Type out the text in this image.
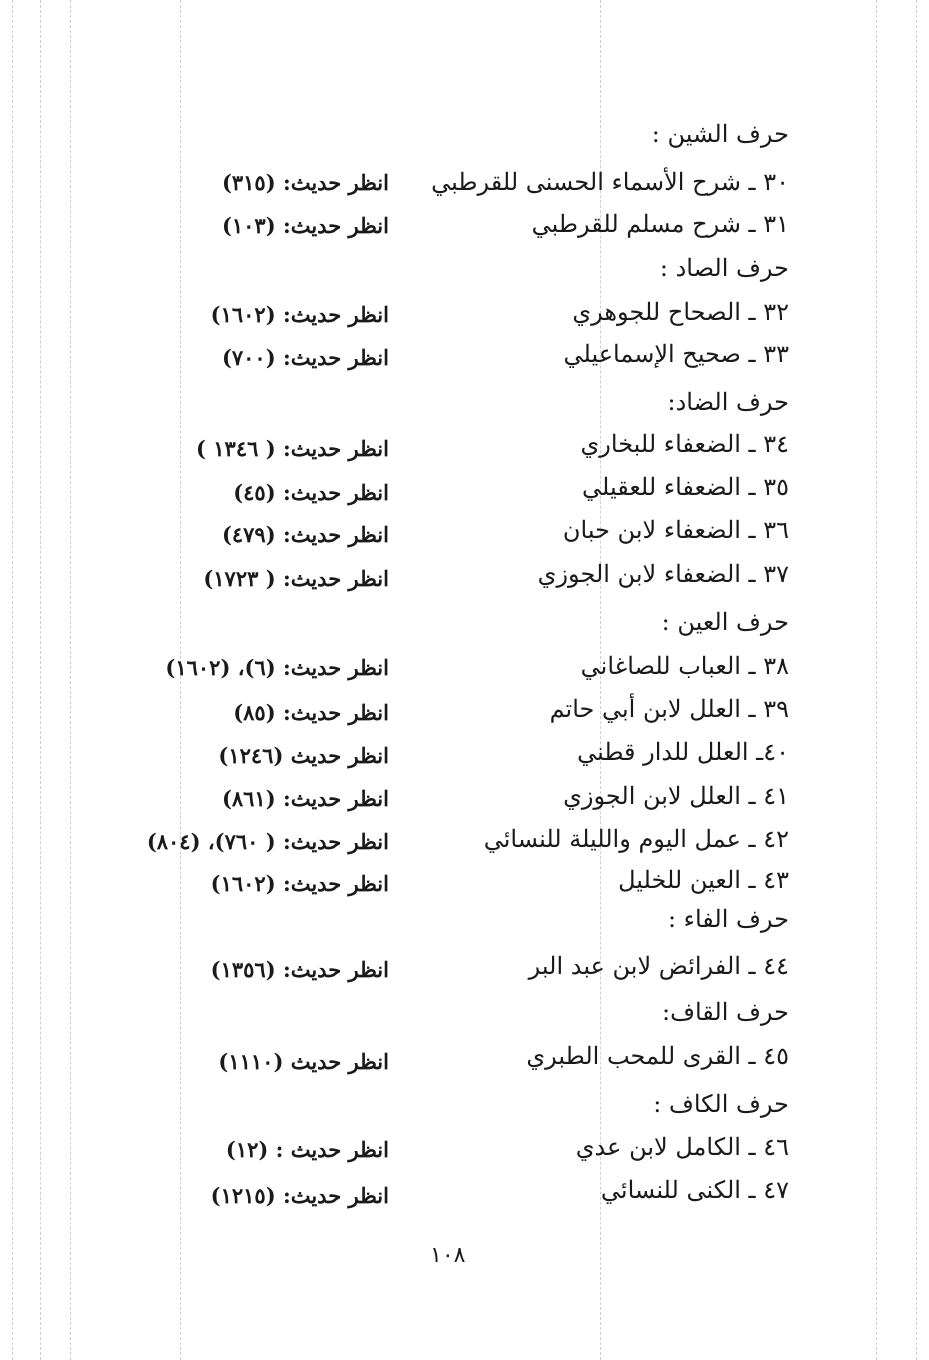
حرف الشين :
٣٠ ـ شرح الأسماء الحسنى للقرطبي
انظر حديث: (٣١٥)
٣١ ـ شرح مسلم للقرطبي
انظر حديث: (١٠٣)
حرف الصاد :
٣٢ ـ الصحاح للجوهري
انظر حديث: (١٦٠٢)
٣٣ ـ صحيح الإسماعيلي
انظر حديث: (٧٠٠)
حرف الضاد:
٣٤ ـ الضعفاء للبخاري
انظر حديث: ( ١٣٤٦ )
٣٥ ـ الضعفاء للعقيلي
انظر حديث: (٤٥)
٣٦ ـ الضعفاء لابن حبان
انظر حديث: (٤٧٩)
٣٧ ـ الضعفاء لابن الجوزي
انظر حديث: ( ١٧٢٣)
حرف العين :
٣٨ ـ العباب للصاغاني
انظر حديث: (٦)، (١٦٠٢)
٣٩ ـ العلل لابن أبي حاتم
انظر حديث: (٨٥)
٤٠ـ العلل للدار قطني
انظر حديث (١٢٤٦)
٤١ ـ العلل لابن الجوزي
انظر حديث: (٨٦١)
٤٢ ـ عمل اليوم والليلة للنسائي
انظر حديث: ( ٧٦٠)، (٨٠٤)
٤٣ ـ العين للخليل
انظر حديث: (١٦٠٢)
حرف الفاء :
٤٤ ـ الفرائض لابن عبد البر
انظر حديث: (١٣٥٦)
حرف القاف:
٤٥ ـ القرى للمحب الطبري
انظر حديث (١١١٠)
حرف الكاف :
٤٦ ـ الكامل لابن عدي
انظر حديث : (١٢)
٤٧ ـ الكنى للنسائي
انظر حديث: (١٢١٥)
١٠٨
